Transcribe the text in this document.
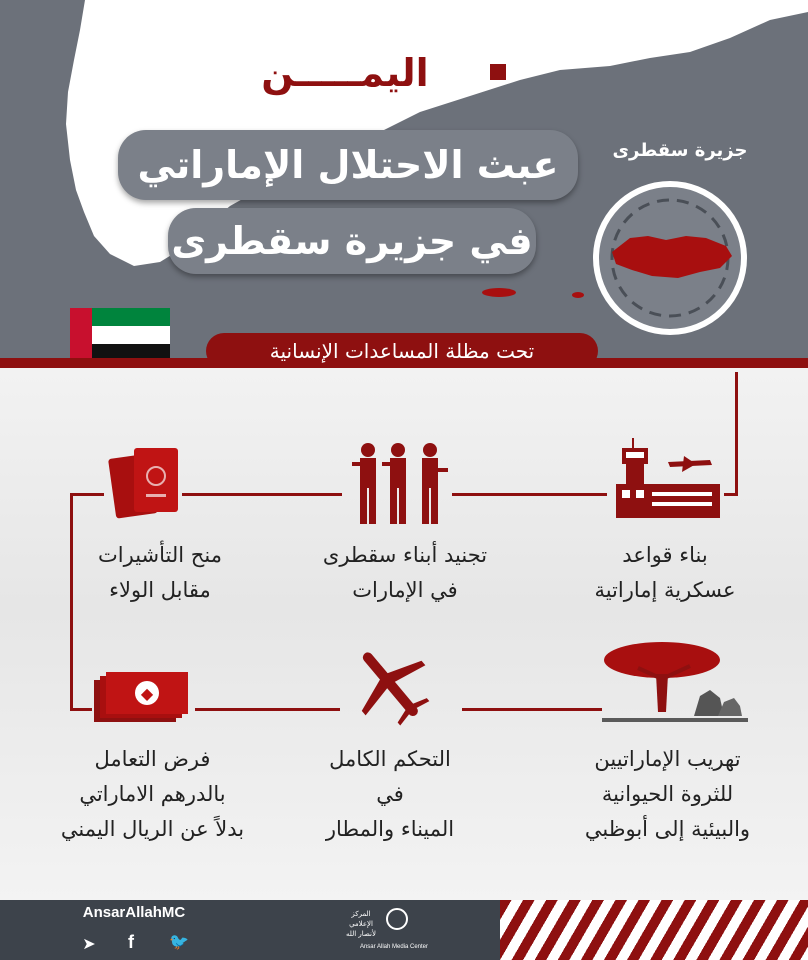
اليمـــــن
عبث الاحتلال الإماراتي
في جزيرة سقطرى
جزيرة سقطرى
تحت مظلة المساعدات الإنسانية
◆
بناء قواعد
عسكرية إماراتية
تجنيد أبناء سقطرى
في الإمارات
منح التأشيرات
مقابل الولاء
تهريب الإماراتيين
للثروة الحيوانية
والبيئية إلى أبوظبي
التحكم الكامل
في
الميناء والمطار
فرض التعامل
بالدرهم الاماراتي
بدلاً عن الريال اليمني
AnsarAllahMC
➤	f	🐦
المركز
الإعلامي
لأنصار الله
Ansar Allah Media Center
